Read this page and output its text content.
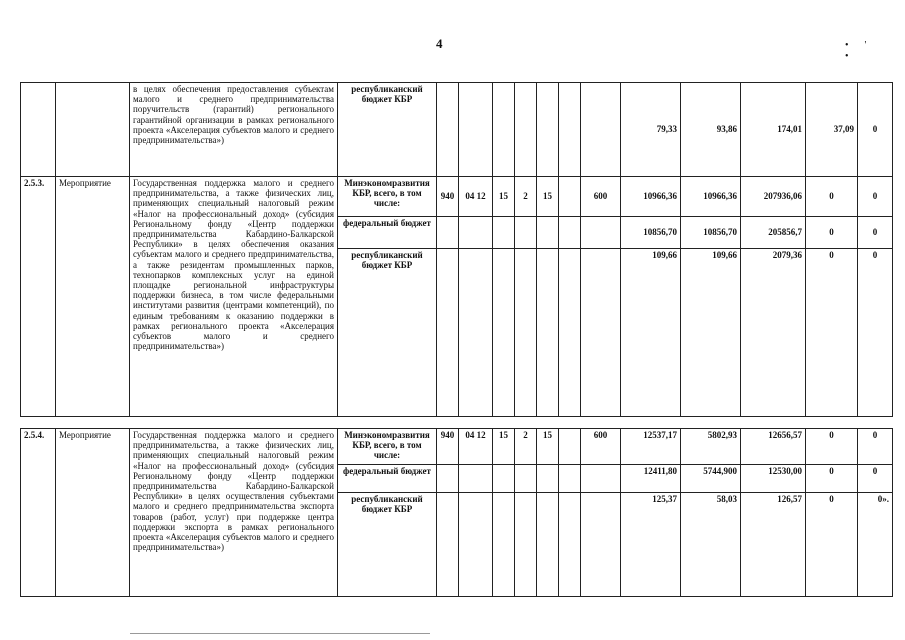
4	•' •
		в целях обеспечения предоставления субъектам малого и среднего предпринимательства поручительств (гарантий) регионального гарантийной организации в рамках регионального проекта «Акселерация субъектов малого и среднего предпринимательства»)	республиканский бюджет КБР								79,33	93,86	174,01	37,09	0
2.5.3.	Мероприятие	Государственная поддержка малого и среднего предпринимательства, а также физических лиц, применяющих специальный налоговый режим «Налог на профессиональный доход» (субсидия Региональному фонду «Центр поддержки предпринимательства Кабардино-Балкарской Республики» в целях обеспечения оказания субъектам малого и среднего предпринимательства, а также резидентам промышленных парков, технопарков комплексных услуг на единой площадке региональной инфраструктуры поддержки бизнеса, в том числе федеральными институтами развития (центрами компетенций), по единым требованиям к оказанию поддержки в рамках регионального проекта «Акселерация субъектов малого и среднего предпринимательства»)	Минэкономразвития КБР, всего, в том числе:	940	04 12	15	2	15		600	10966,36	10966,36	207936,06	0	0
			федеральный бюджет								10856,70	10856,70	205856,7	0	0
			республиканский бюджет КБР								109,66	109,66	2079,36	0	0
2.5.4.	Мероприятие	Государственная поддержка малого и среднего предпринимательства, а также физических лиц, применяющих специальный налоговый режим «Налог на профессиональный доход» (субсидия Региональному фонду «Центр поддержки предпринимательства Кабардино-Балкарской Республики» в целях осуществления субъектами малого и среднего предпринимательства экспорта товаров (работ, услуг) при поддержке центра поддержки экспорта в рамках регионального проекта «Акселерация субъектов малого и среднего предпринимательства»)	Минэкономразвития КБР, всего, в том числе:	940	04 12	15	2	15		600	12537,17	5802,93	12656,57	0	0
			федеральный бюджет								12411,80	5744,900	12530,00	0	0
			республиканский бюджет КБР								125,37	58,03	126,57	0	0».
